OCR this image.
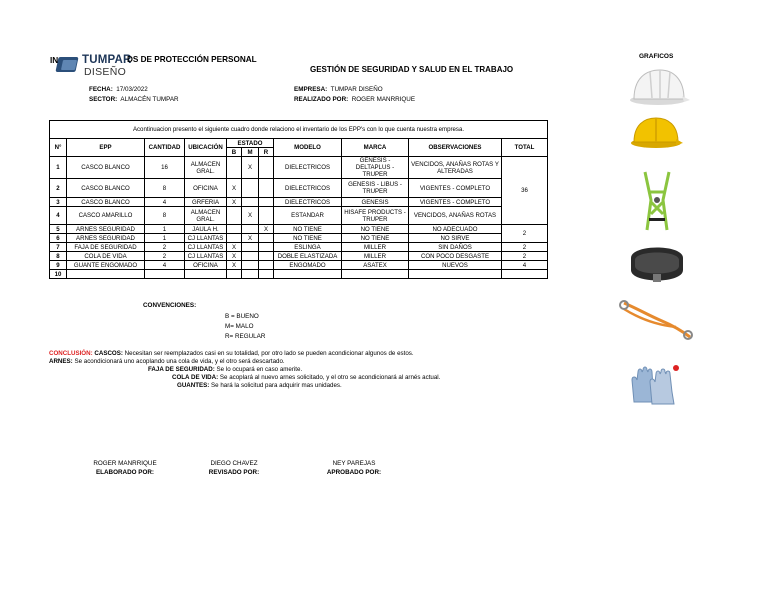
TUMPAR
DISEÑO
IN	DS DE PROTECCIÓN PERSONAL
GESTIÓN DE SEGURIDAD Y SALUD EN EL TRABAJO
GRAFICOS
FECHA: 17/03/2022
SECTOR: ALMACÉN TUMPAR
EMPRESA: TUMPAR DISEÑO
REALIZADO POR: ROGER MANRRIQUE
Acontinuacion presento el siguiente cuadro donde relaciono el inventario de los EPP's con lo que cuenta nuestra empresa.										
N°	EPP	CANTIDAD	UBICACIÓN	ESTADO			MODELO	MARCA	OBSERVACIONES	TOTAL
				B	M	R				
1	CASCO BLANCO	16	ALMACEN GRAL.		X		DIELECTRICOS	GENESIS -DELTAPLUS - TRUPER	VENCIDOS, ANAÑAS ROTAS Y ALTERADAS	36
2	CASCO BLANCO	8	OFICINA	X			DIELECTRICOS	GENESIS - LIBUS - TRUPER	VIGENTES - COMPLETO	
3	CASCO BLANCO	4	GRFERIA	X			DIELECTRICOS	GENESIS	VIGENTES - COMPLETO	
4	CASCO AMARILLO	8	ALMACEN GRAL.		X		ESTANDAR	HISAFE PRODUCTS - TRUPER	VENCIDOS, ANAÑAS ROTAS	
5	ARNES SEGURIDAD	1	JAULA H.			X	NO TIENE	NO TIENE	NO ADECUADO	2
6	ARNES SEGURIDAD	1	CJ LLANTAS		X		NO TIENE	NO TIENE	NO SIRVE	
7	FAJA DE SEGURIDAD	2	CJ LLANTAS	X			ESLINGA	MILLER	SIN DAÑOS	2
8	COLA DE VIDA	2	CJ LLANTAS	X			DOBLE ELASTIZADA	MILLER	CON POCO DESGASTE	2
9	GUANTE ENGOMADO	4	OFICINA	X			ENGOMADO	ASATEX	NUEVOS	4
10										
CONVENCIONES:
B = BUENO
M= MALO
R= REGULAR
CONCLUSIÓN: CASCOS: Necesitan ser reemplazados casi en su totalidad, por otro lado se pueden acondicionar algunos de estos.
ARNES: Se acondicionará uno acoplando una cola de vida, y el otro será descartado.
FAJA DE SEGURIDAD: Se lo ocupará en caso amerite.
COLA DE VIDA: Se acoplará al nuevo arnes solicitado, y el otro se acondicionará al arnés actual.
GUANTES: Se hará la solicitud para adquirir mas unidades.
ROGER MANRRIQUE
ELABORADO POR:
DIEGO CHAVEZ
REVISADO POR:
NEY PAREJAS
APROBADO POR:
